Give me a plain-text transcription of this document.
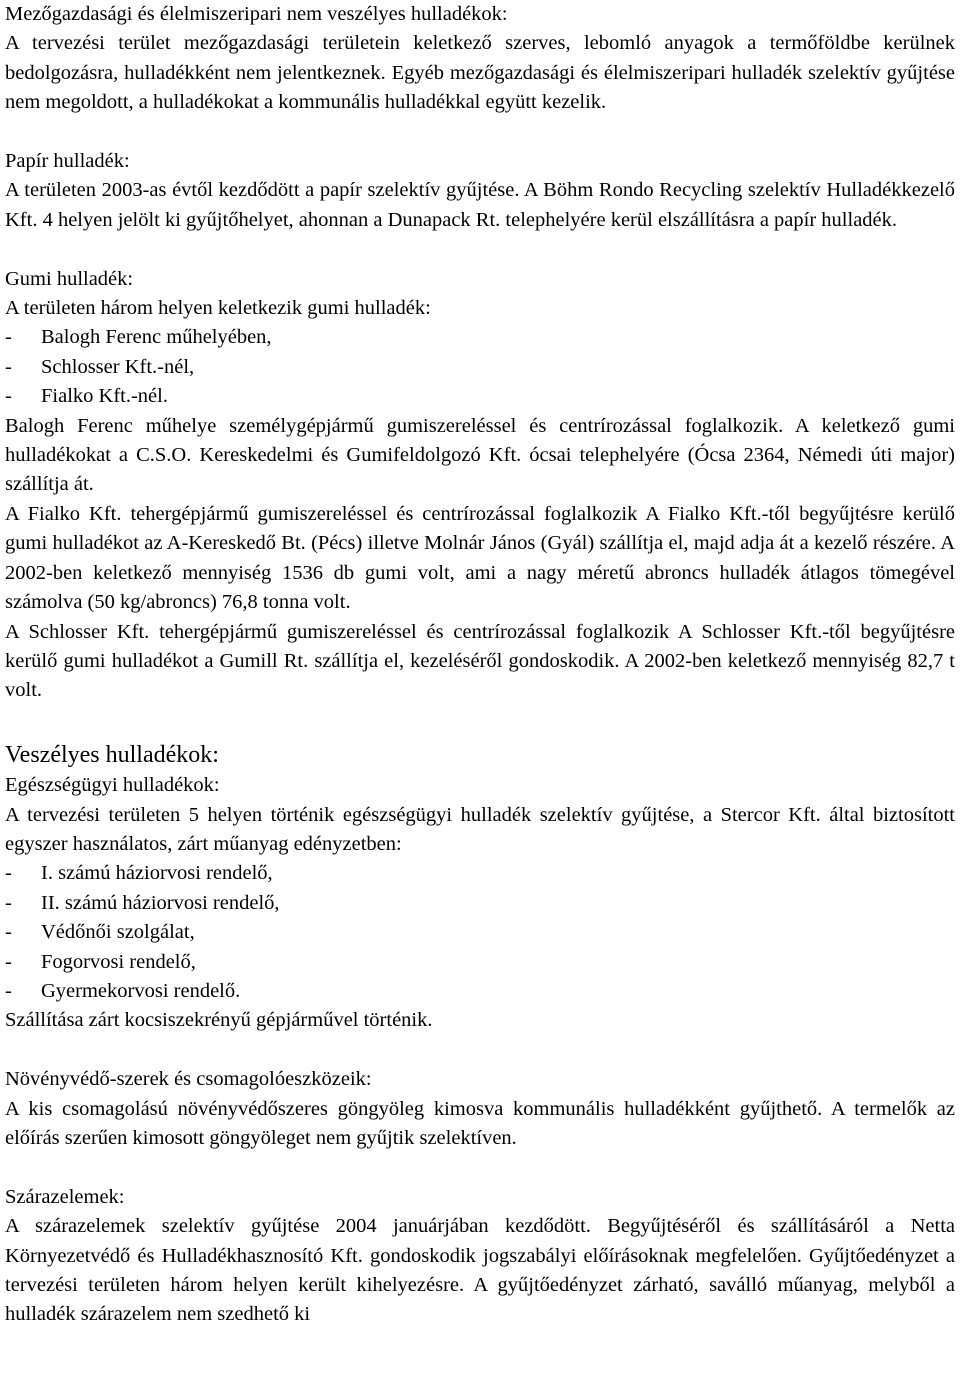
Mezőgazdasági és élelmiszeripari nem veszélyes hulladékok:

A tervezési terület mezőgazdasági területein keletkező szerves, lebomló anyagok a termőföldbe kerülnek bedolgozásra, hulladékként nem jelentkeznek. Egyéb mezőgazdasági és élelmiszeripari hulladék szelektív gyűjtése nem megoldott, a hulladékokat a kommunális hulladékkal együtt kezelik.

Papír hulladék:

A területen 2003-as évtől kezdődött a papír szelektív gyűjtése. A Böhm Rondo Recycling szelektív Hulladékkezelő Kft. 4 helyen jelölt ki gyűjtőhelyet, ahonnan a Dunapack Rt. telephelyére kerül elszállításra a papír hulladék.

Gumi hulladék:

A területen három helyen keletkezik gumi hulladék:

- Balogh Ferenc műhelyében,
- Schlosser Kft.-nél,
- Fialko Kft.-nél.

Balogh Ferenc műhelye személygépjármű gumiszereléssel és centrírozással foglalkozik. A keletkező gumi hulladékokat a C.S.O. Kereskedelmi és Gumifeldolgozó Kft. ócsai telephelyére (Ócsa 2364, Némedi úti major) szállítja át.

A Fialko Kft. tehergépjármű gumiszereléssel és centrírozással foglalkozik A Fialko Kft.-től begyűjtésre kerülő gumi hulladékot az A-Kereskedő Bt. (Pécs) illetve Molnár János (Gyál) szállítja el, majd adja át a kezelő részére. A 2002-ben keletkező mennyiség 1536 db gumi volt, ami a nagy méretű abroncs hulladék átlagos tömegével számolva (50 kg/abroncs) 76,8 tonna volt.

A Schlosser Kft. tehergépjármű gumiszereléssel és centrírozással foglalkozik A Schlosser Kft.-től begyűjtésre kerülő gumi hulladékot a Gumill Rt. szállítja el, kezeléséről gondoskodik. A 2002-ben keletkező mennyiség 82,7 t volt.

Veszélyes hulladékok:

Egészségügyi hulladékok:

A tervezési területen 5 helyen történik egészségügyi hulladék szelektív gyűjtése, a Stercor Kft. által biztosított egyszer használatos, zárt műanyag edényzetben:

- I. számú háziorvosi rendelő,
- II. számú háziorvosi rendelő,
- Védőnői szolgálat,
- Fogorvosi rendelő,
- Gyermekorvosi rendelő.

Szállítása zárt kocsiszekrényű gépjárművel történik.

Növényvédő-szerek és csomagolóeszközeik:

A kis csomagolású növényvédőszeres göngyöleg kimosva kommunális hulladékként gyűjthető. A termelők az előírás szerűen kimosott göngyöleget nem gyűjtik szelektíven.

Szárazelemek:

A szárazelemek szelektív gyűjtése 2004 januárjában kezdődött. Begyűjtéséről és szállításáról a Netta Környezetvédő és Hulladékhasznosító Kft. gondoskodik jogszabályi előírásoknak megfelelően. Gyűjtőedényzet a tervezési területen három helyen került kihelyezésre. A gyűjtőedényzet zárható, saválló műanyag, melyből a hulladék szárazelem nem szedhető ki
